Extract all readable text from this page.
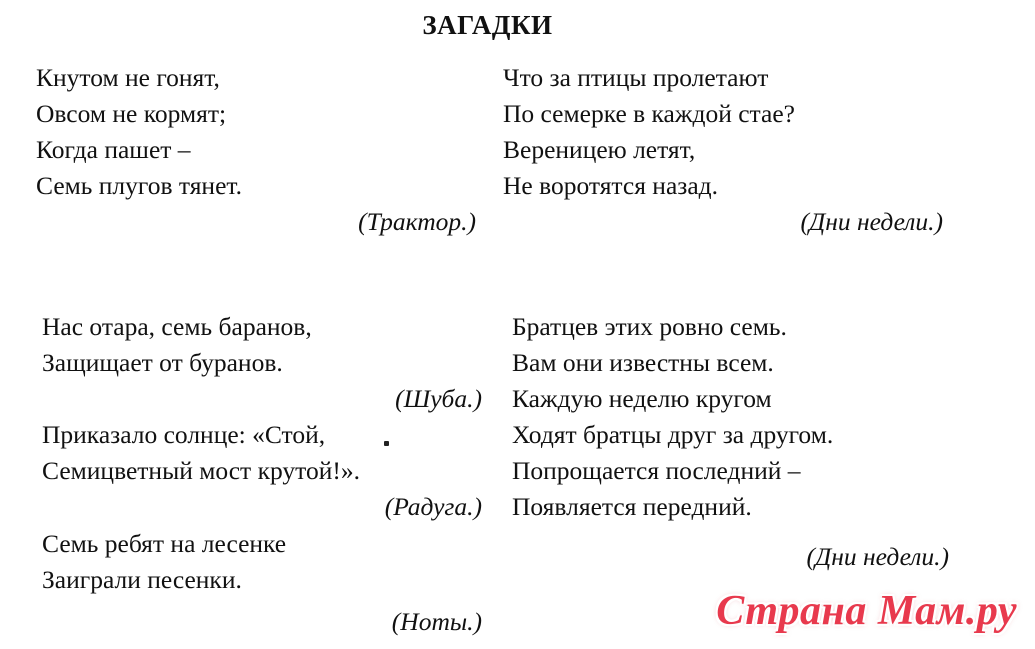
ЗАГАДКИ
Кнутом не гонят,
Овсом не кормят;
Когда пашет –
Семь плугов тянет.
(Трактор.)
Что за птицы пролетают
По семерке в каждой стае?
Вереницею летят,
Не воротятся назад.
(Дни недели.)
Нас отара, семь баранов,
Защищает от буранов.
(Шуба.)
Приказало солнце: «Стой,
Семицветный мост крутой!».
(Радуга.)
Семь ребят на лесенке
Заиграли песенки.
(Ноты.)
Братцев этих ровно семь.
Вам они известны всем.
Каждую неделю кругом
Ходят братцы друг за другом.
Попрощается последний –
Появляется передний.
(Дни недели.)
Страна Мам.ру
